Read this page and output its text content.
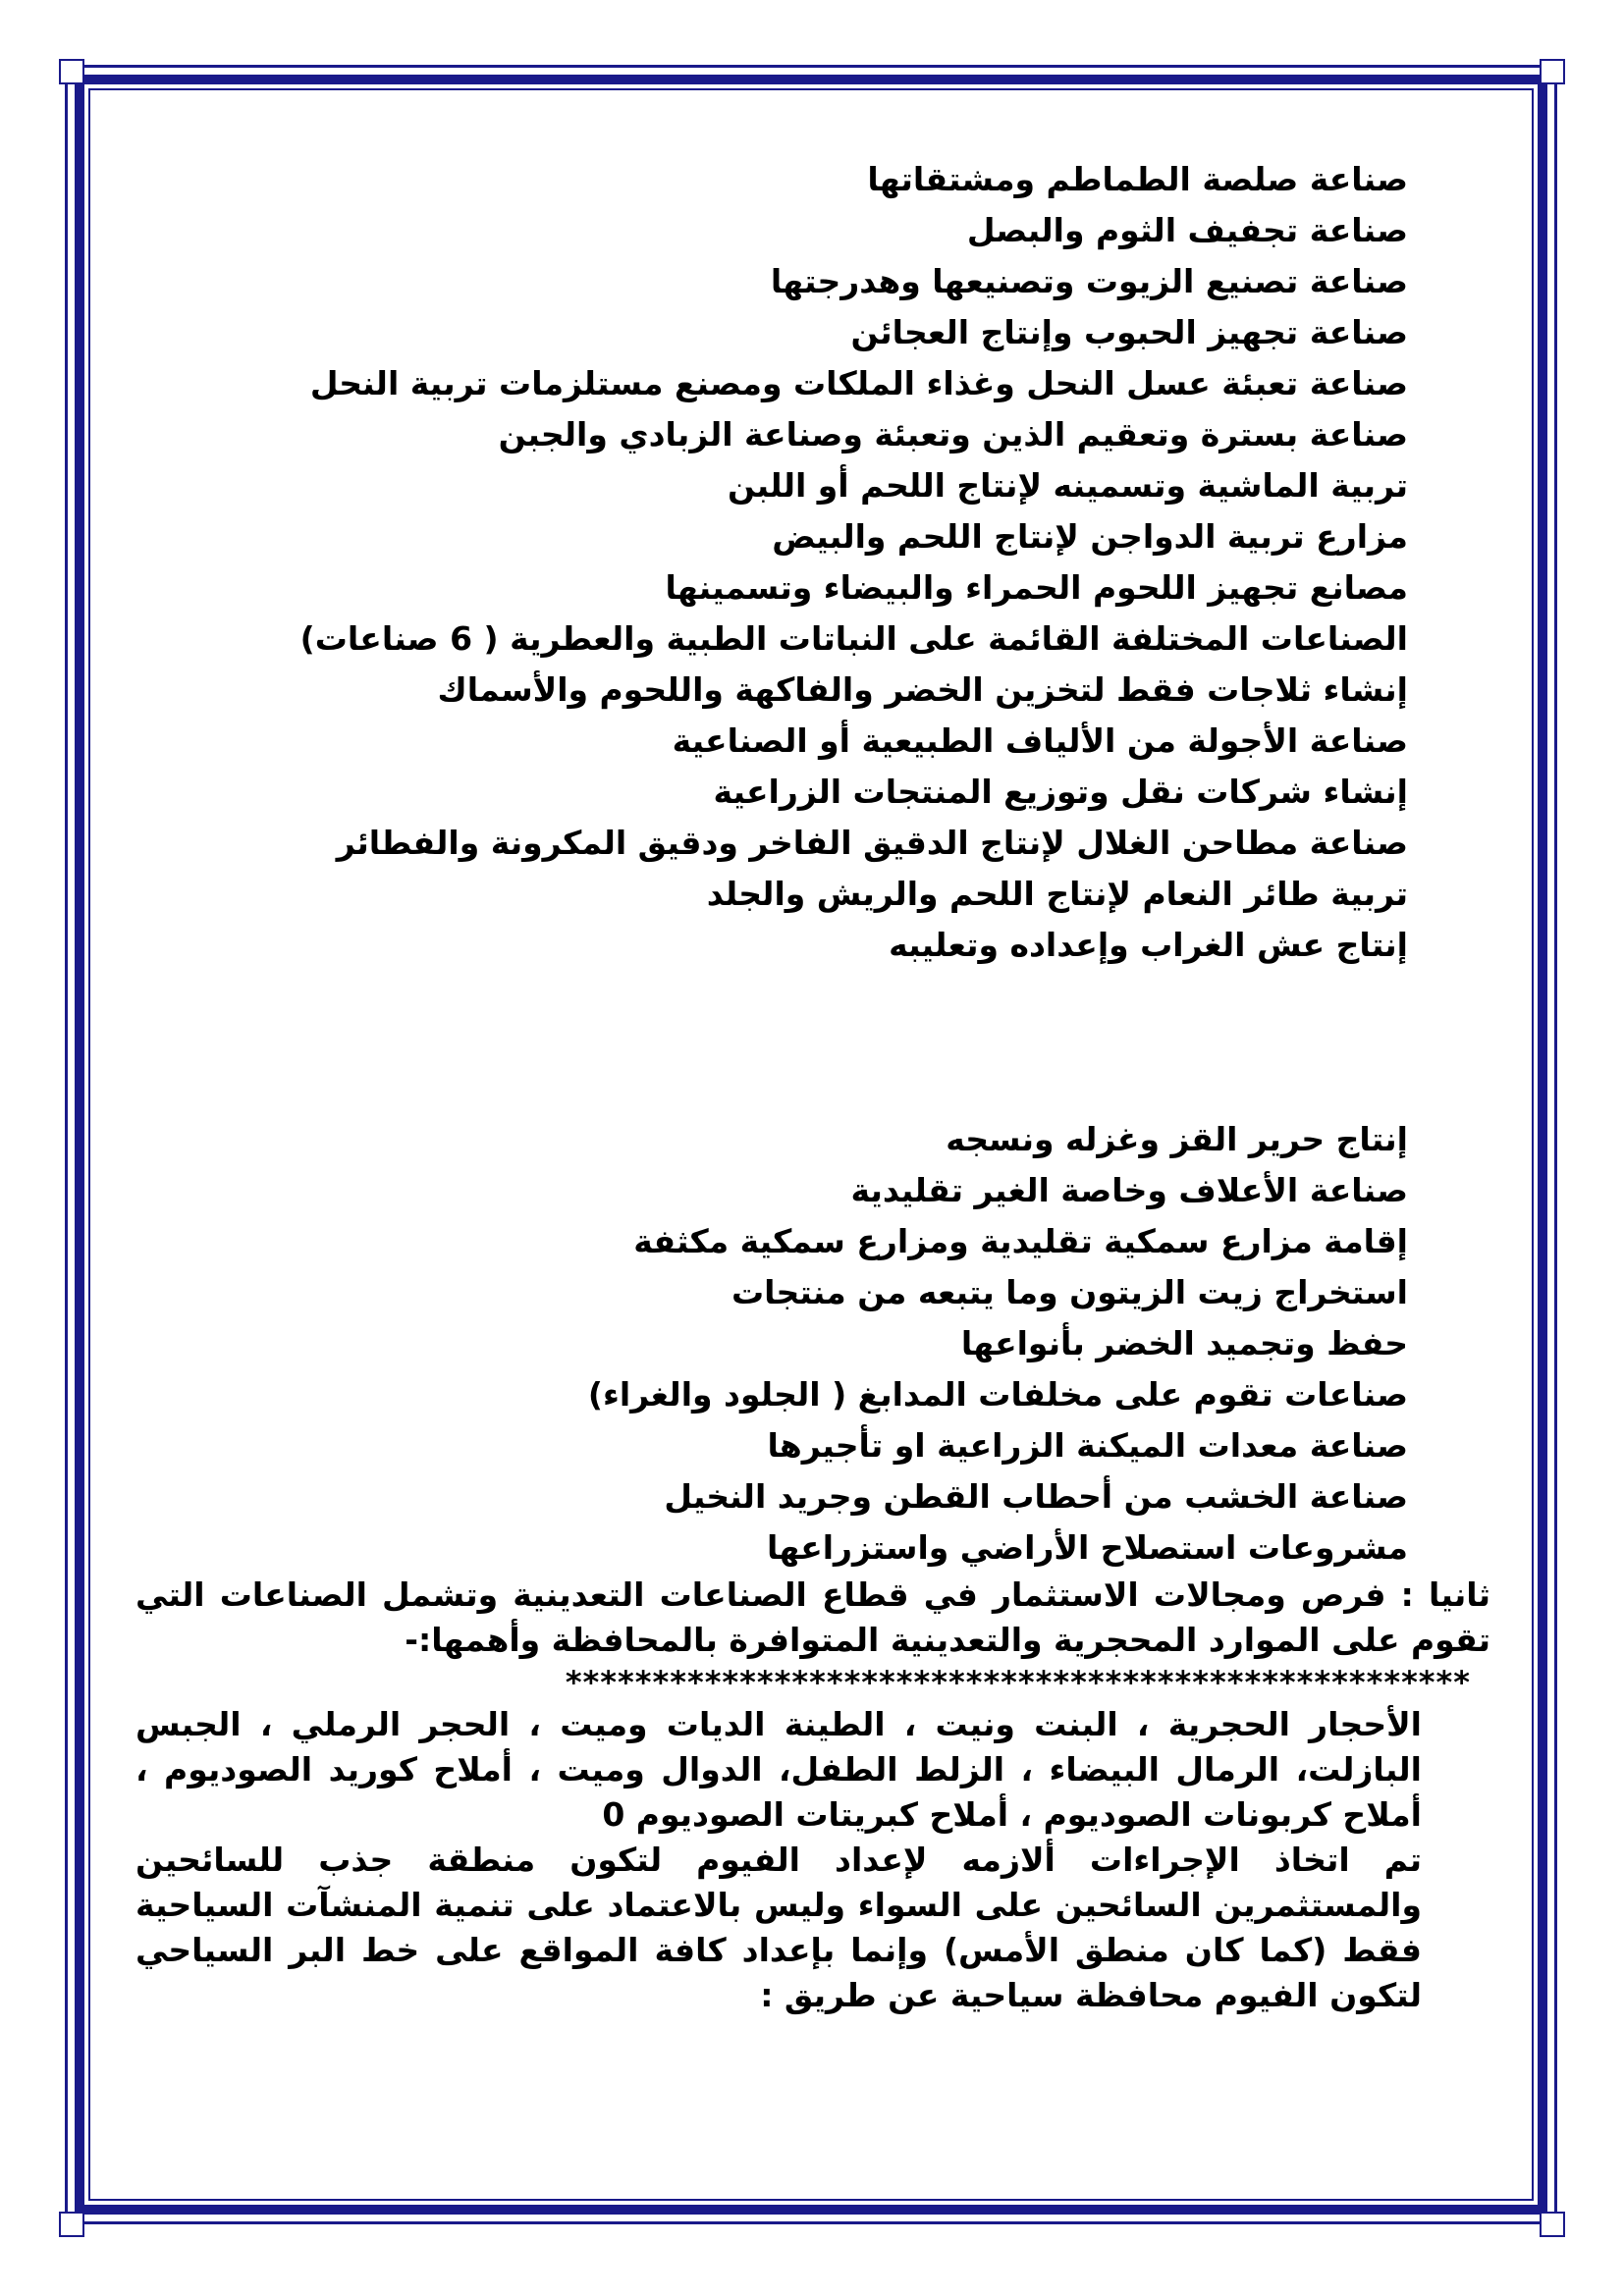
صناعة صلصة الطماطم ومشتقاتها
صناعة تجفيف الثوم والبصل
صناعة تصنيع الزيوت وتصنيعها وهدرجتها
صناعة تجهيز الحبوب وإنتاج العجائن
صناعة تعبئة عسل النحل وغذاء الملكات ومصنع مستلزمات تربية النحل
صناعة بسترة وتعقيم الذين وتعبئة وصناعة الزبادي والجبن
تربية الماشية وتسمينه لإنتاج اللحم أو اللبن
مزارع تربية الدواجن لإنتاج اللحم والبيض
مصانع تجهيز اللحوم الحمراء والبيضاء وتسمينها
الصناعات المختلفة القائمة على النباتات الطبية والعطرية ( 6 صناعات)
إنشاء ثلاجات فقط لتخزين الخضر والفاكهة واللحوم والأسماك
صناعة الأجولة من الألياف الطبيعية أو الصناعية
إنشاء شركات نقل وتوزيع المنتجات الزراعية
صناعة مطاحن الغلال لإنتاج الدقيق الفاخر ودقيق المكرونة والفطائر
تربية طائر النعام لإنتاج اللحم والريش والجلد
إنتاج عش الغراب وإعداده وتعليبه
إنتاج حرير القز وغزله ونسجه
صناعة الأعلاف وخاصة الغير تقليدية
إقامة مزارع سمكية تقليدية ومزارع سمكية مكثفة
استخراج زيت الزيتون وما يتبعه من منتجات
حفظ وتجميد الخضر بأنواعها
صناعات تقوم على مخلفات المدابغ ( الجلود والغراء)
صناعة معدات الميكنة الزراعية او تأجيرها
صناعة الخشب من أحطاب القطن وجريد النخيل
مشروعات استصلاح الأراضي واستزراعها

ثانيا : فرص ومجالات الاستثمار في قطاع الصناعات التعدينية وتشمل الصناعات التي تقوم على الموارد المحجرية والتعدينية المتوافرة بالمحافظة وأهمها:-

****************************************************

الأحجار الحجرية ، البنت ونيت ، الطينة الديات وميت ، الحجر الرملي ، الجبس البازلت، الرمال البيضاء ، الزلط الطفل، الدوال وميت ، أملاح كوريد الصوديوم ، أملاح كربونات الصوديوم ، أملاح كبريتات الصوديوم 0

تم اتخاذ الإجراءات ألازمه لإعداد الفيوم لتكون منطقة جذب للسائحين والمستثمرين السائحين على السواء وليس بالاعتماد على تنمية المنشآت السياحية فقط (كما كان منطق الأمس) وإنما بإعداد كافة المواقع على خط البر السياحي لتكون الفيوم محافظة سياحية عن طريق :
